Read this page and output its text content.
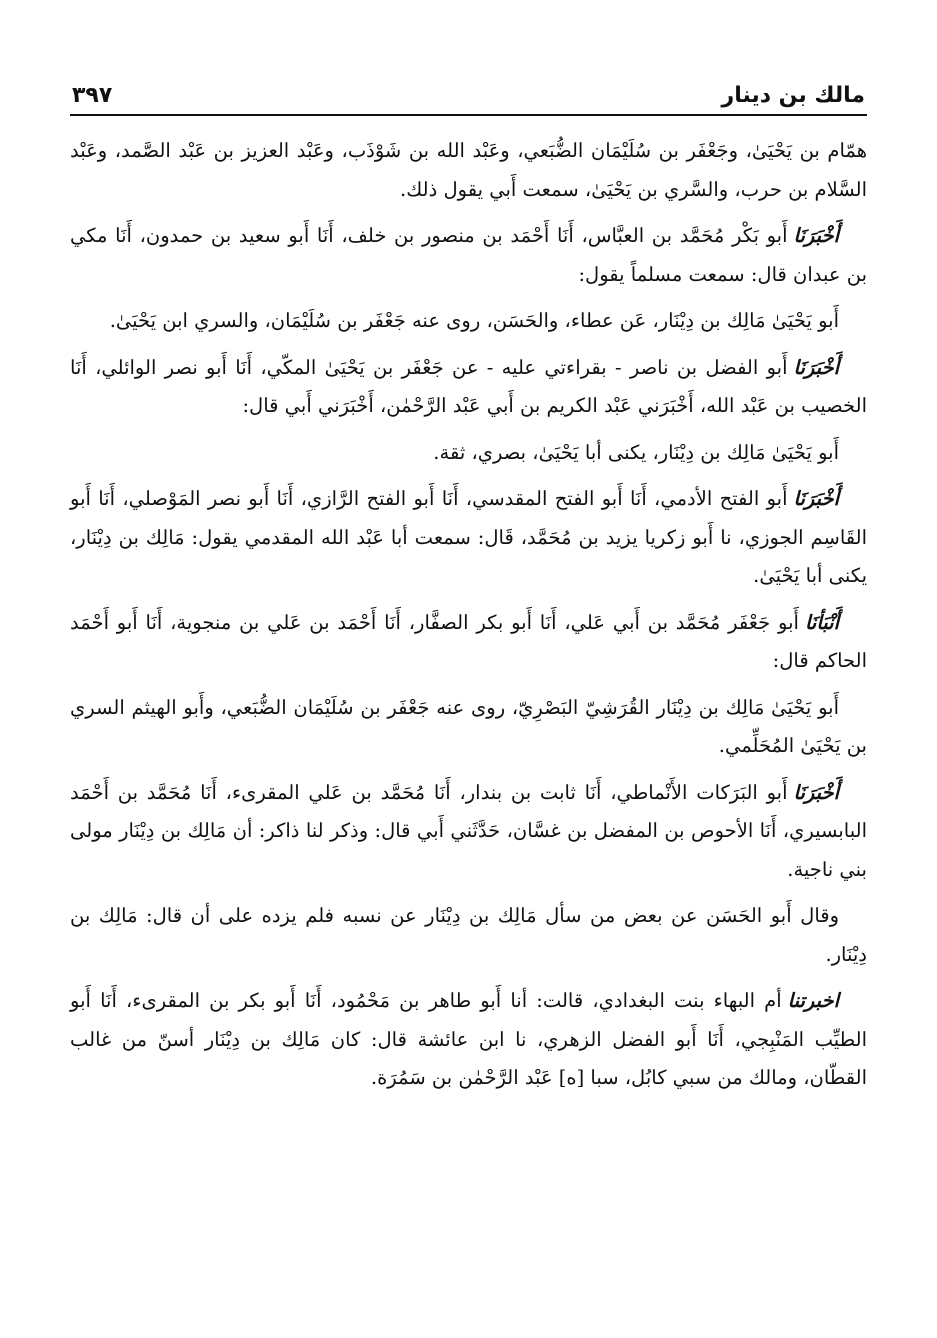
مالك بن دينار
٣٩٧

همّام بن يَحْيَىٰ، وجَعْفَر بن سُلَيْمَان الضُّبَعي، وعَبْد الله بن شَوْذَب، وعَبْد العزيز بن عَبْد الصَّمد، وعَبْد السَّلام بن حرب، والسَّري بن يَحْيَىٰ، سمعت أَبي يقول ذلك.

أَخْبَرَنَاأَبو بَكْر مُحَمَّد بن العبَّاس، أَنَا أَحْمَد بن منصور بن خلف، أَنَا أَبو سعيد بن حمدون، أَنَا مكي بن عبدان قال: سمعت مسلماً يقول:

أَبو يَحْيَىٰ مَالِك بن دِيْنَار، عَن عطاء، والحَسَن، روى عنه جَعْفَر بن سُلَيْمَان، والسري ابن يَحْيَىٰ.

أَخْبَرَنَاأَبو الفضل بن ناصر - بقراءتي عليه - عن جَعْفَر بن يَحْيَىٰ المكّي، أَنَا أَبو نصر الوائلي، أَنَا الخصيب بن عَبْد الله، أَخْبَرَني عَبْد الكريم بن أَبي عَبْد الرَّحْمٰن، أَخْبَرَني أَبي قال:

أَبو يَحْيَىٰ مَالِك بن دِيْنَار، يكنى أبا يَحْيَىٰ، بصري، ثقة.

أَخْبَرَنَاأَبو الفتح الأدمي، أَنَا أَبو الفتح المقدسي، أَنَا أَبو الفتح الرَّازي، أَنَا أَبو نصر المَوْصلي، أَنَا أَبو القَاسِم الجوزي، نا أَبو زكريا يزيد بن مُحَمَّد، قَال: سمعت أبا عَبْد الله المقدمي يقول: مَالِك بن دِيْنَار، يكنى أبا يَحْيَىٰ.

أَنْبَأنَاأَبو جَعْفَر مُحَمَّد بن أَبي عَلي، أَنَا أَبو بكر الصفَّار، أَنَا أَحْمَد بن عَلي بن منجوية، أَنَا أَبو أَحْمَد الحاكم قال:

أَبو يَحْيَىٰ مَالِك بن دِيْنَار القُرَشِيّ البَصْرِيّ، روى عنه جَعْفَر بن سُلَيْمَان الضُّبَعي، وأَبو الهيثم السري بن يَحْيَىٰ المُحَلِّمي.

أَخْبَرَنَاأَبو البَرَكات الأَنْماطي، أَنَا ثابت بن بندار، أَنَا مُحَمَّد بن عَلي المقرىء، أَنَا مُحَمَّد بن أَحْمَد البابسيري، أَنَا الأحوص بن المفضل بن غسَّان، حَدَّثَني أَبي قال: وذكر لنا ذاكر: أن مَالِك بن دِيْنَار مولى بني ناجية.

وقال أَبو الحَسَن عن بعض من سأل مَالِك بن دِيْنَار عن نسبه فلم يزده على أن قال: مَالِك بن دِيْنَار.

اخبرتناأم البهاء بنت البغدادي، قالت: أنا أَبو طاهر بن مَحْمُود، أَنَا أَبو بكر بن المقرىء، أَنَا أَبو الطيِّب المَنْبِجي، أَنَا أَبو الفضل الزهري، نا ابن عائشة قال: كان مَالِك بن دِيْنَار أسنّ من غالب القطّان، ومالك من سبي كابُل، سبا [ه] عَبْد الرَّحْمٰن بن سَمُرَة.
